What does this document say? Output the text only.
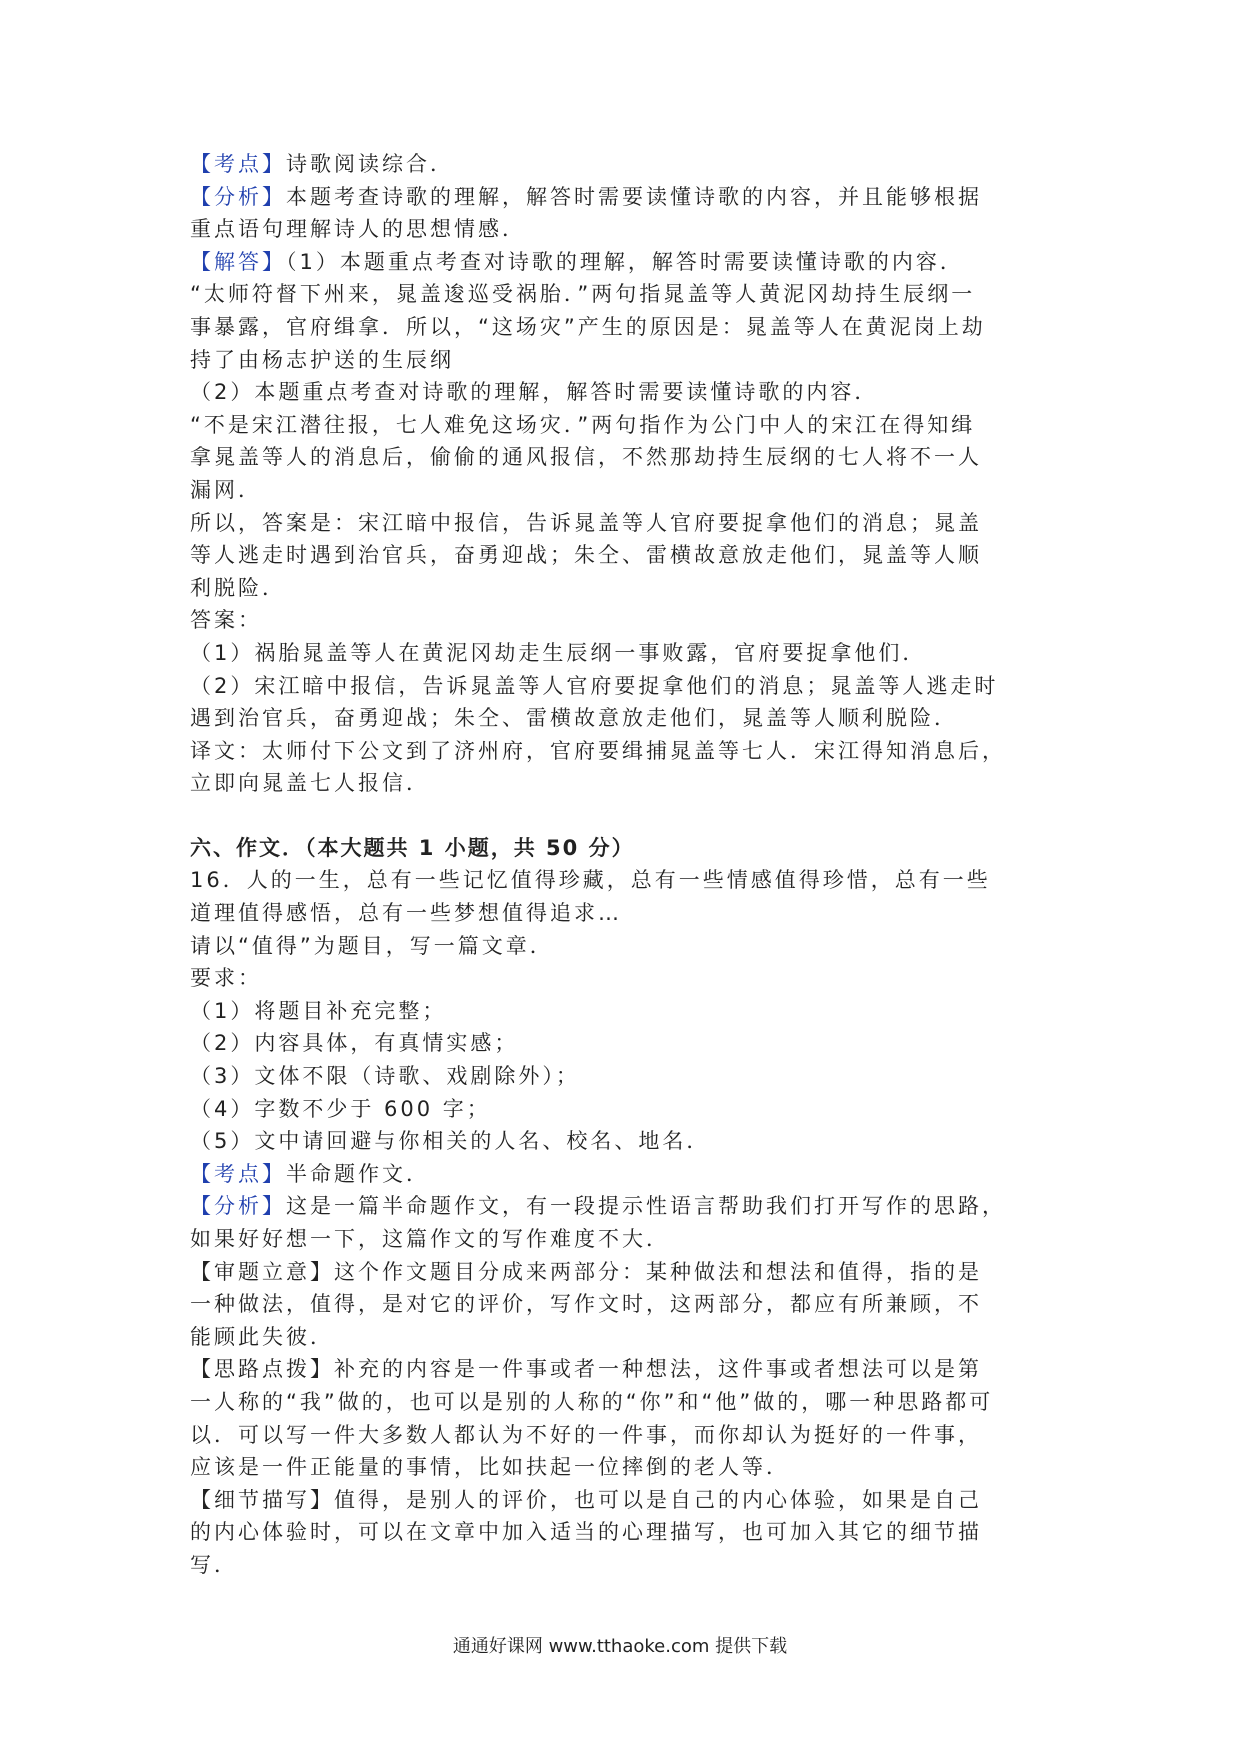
【考点】诗歌阅读综合．
【分析】本题考查诗歌的理解，解答时需要读懂诗歌的内容，并且能够根据
重点语句理解诗人的思想情感．
【解答】（1）本题重点考查对诗歌的理解，解答时需要读懂诗歌的内容．
“太师符督下州来，晁盖逡巡受祸胎．”两句指晁盖等人黄泥冈劫持生辰纲一
事暴露，官府缉拿．所以，“这场灾”产生的原因是：晁盖等人在黄泥岗上劫
持了由杨志护送的生辰纲
（2）本题重点考查对诗歌的理解，解答时需要读懂诗歌的内容．
“不是宋江潜往报，七人难免这场灾．”两句指作为公门中人的宋江在得知缉
拿晁盖等人的消息后，偷偷的通风报信，不然那劫持生辰纲的七人将不一人
漏网．
所以，答案是：宋江暗中报信，告诉晁盖等人官府要捉拿他们的消息；晁盖
等人逃走时遇到治官兵，奋勇迎战；朱仝、雷横故意放走他们，晁盖等人顺
利脱险．
答案：
（1）祸胎晁盖等人在黄泥冈劫走生辰纲一事败露，官府要捉拿他们．
（2）宋江暗中报信，告诉晁盖等人官府要捉拿他们的消息；晁盖等人逃走时
遇到治官兵，奋勇迎战；朱仝、雷横故意放走他们，晁盖等人顺利脱险．
译文：太师付下公文到了济州府，官府要缉捕晁盖等七人．宋江得知消息后，
立即向晁盖七人报信．
六、作文．（本大题共 1 小题，共 50 分）
16．人的一生，总有一些记忆值得珍藏，总有一些情感值得珍惜，总有一些
道理值得感悟，总有一些梦想值得追求…
请以“值得”为题目，写一篇文章．
要求：
（1）将题目补充完整；
（2）内容具体，有真情实感；
（3）文体不限（诗歌、戏剧除外）；
（4）字数不少于 600 字；
（5）文中请回避与你相关的人名、校名、地名．
【考点】半命题作文．
【分析】这是一篇半命题作文，有一段提示性语言帮助我们打开写作的思路，
如果好好想一下，这篇作文的写作难度不大．
【审题立意】这个作文题目分成来两部分：某种做法和想法和值得，指的是
一种做法，值得，是对它的评价，写作文时，这两部分，都应有所兼顾，不
能顾此失彼．
【思路点拨】补充的内容是一件事或者一种想法，这件事或者想法可以是第
一人称的“我”做的，也可以是别的人称的“你”和“他”做的，哪一种思路都可
以．可以写一件大多数人都认为不好的一件事，而你却认为挺好的一件事，
应该是一件正能量的事情，比如扶起一位摔倒的老人等．
【细节描写】值得，是别人的评价，也可以是自己的内心体验，如果是自己
的内心体验时，可以在文章中加入适当的心理描写，也可加入其它的细节描
写．
通通好课网 www.tthaoke.com 提供下载
